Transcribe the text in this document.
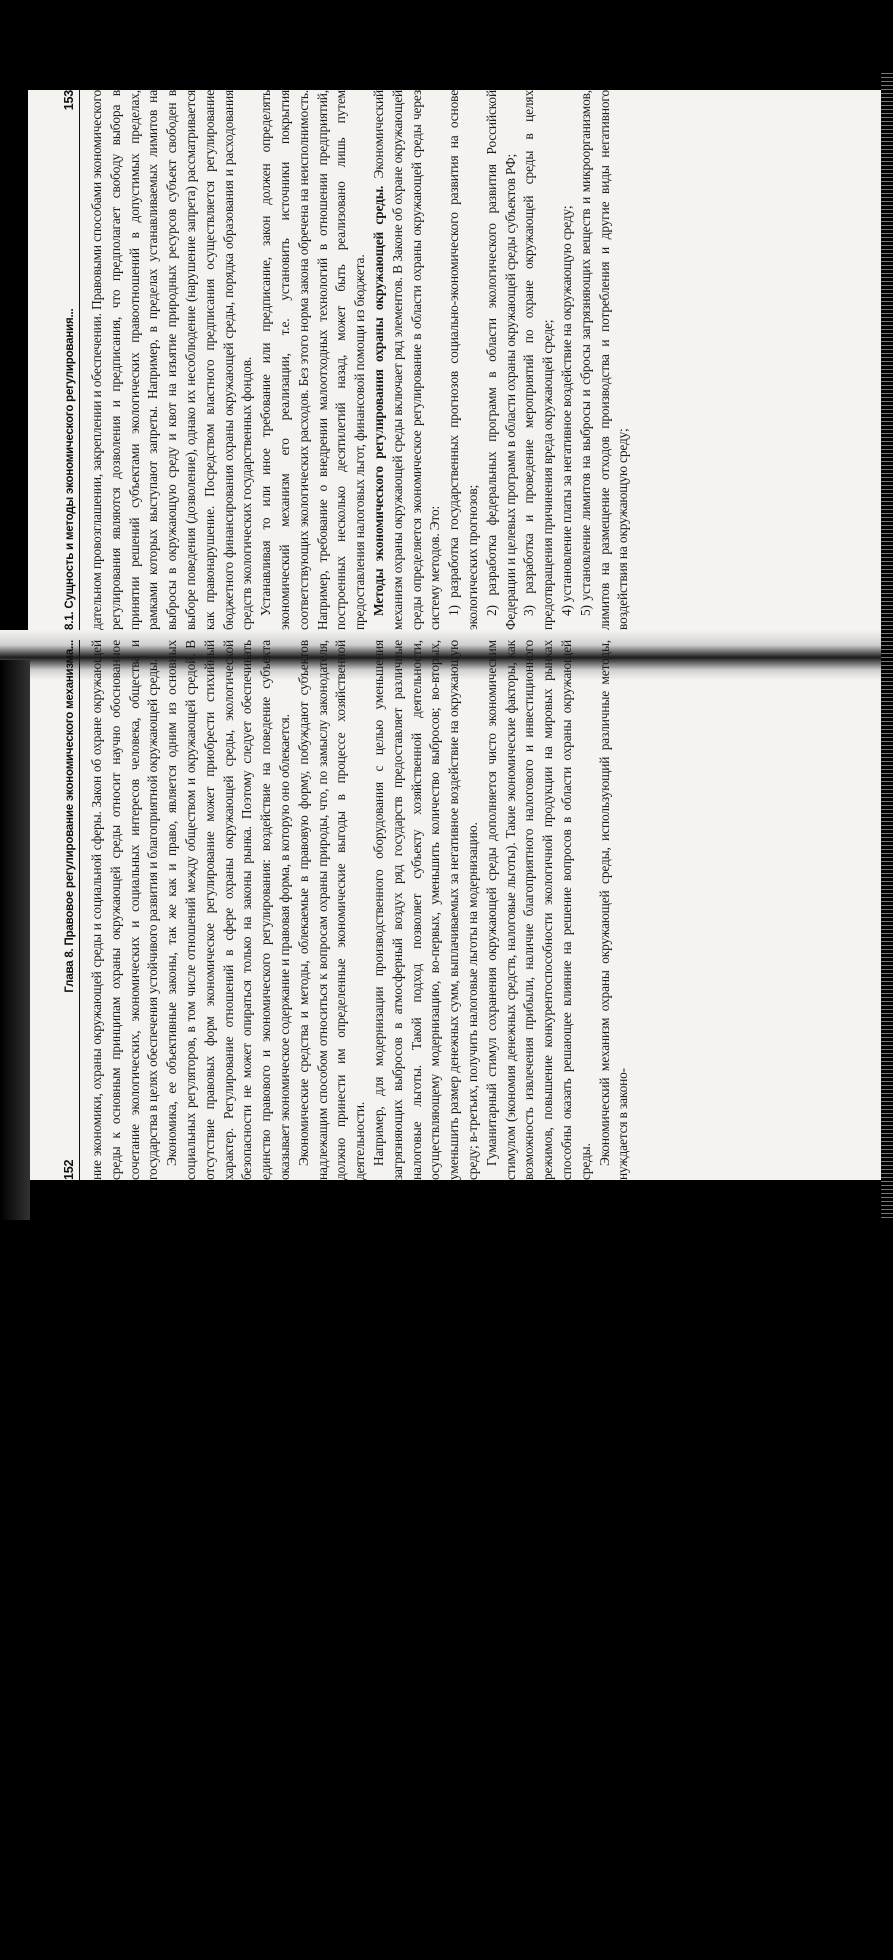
152
Глава 8. Правовое регулирование экономического механизма... ние экономики, охраны окружающей среды и социальной сферы. Закон об охране окружающей среды к основным принципам охраны окружающей среды относит научно обоснованное сочетание экологических, экономических и социальных интересов человека, общества и государства в целях обеспечения устойчивого развития и благоприятной окружающей среды. Экономика, ее объективные законы, так же как и право, является одним из основных социальных регуляторов, в том числе отношений между обществом и окружающей средой. В отсутствие правовых форм экономическое регулирование может приобрести стихийный характер. Регулирование отношений в сфере охраны окружающей среды, экологической безопасности не может опираться только на законы рынка. Поэтому следует обеспечивать единство правового и экономического регулирования: воздействие на поведение субъекта оказывает экономическое содержание и правовая форма, в которую оно облекается. Экономические средства и методы, облекаемые в правовую форму, побуждают субъектов надлежащим способом относиться к вопросам охраны природы, что, по замыслу законодателя, должно принести им определенные экономические выгоды в процессе хозяйственной деятельности. Например, для модернизации производственного оборудования с целью уменьшения загрязняющих выбросов в атмосферный воздух ряд государств предоставляет различные налоговые льготы. Такой подход позволяет субъекту хозяйственной деятельности, осуществляющему модернизацию, во-первых, уменьшить количество выбросов; во-вторых, уменьшить размер денежных сумм, выплачиваемых за негативное воздействие на окружающую среду; в-третьих, получить налоговые льготы на модернизацию. Гуманитарный стимул сохранения окружающей среды дополняется чисто экономическим стимулом (экономия денежных средств, налоговые льготы). Такие экономические факторы, как возможность извлечения прибыли, наличие благоприятного налогового и инвестиционного режимов, повышение конкурентоспособности экологичной продукции на мировых рынках способны оказать решающее влияние на решение вопросов в области охраны окружающей среды. Экономический механизм охраны окружающей среды, использующий различные методы, нуждается в законо-

8.1. Сущность и методы экономического регулирования...
153 дательном провозглашении, закреплении и обеспечении. Правовыми способами экономического регулирования являются дозволения и предписания, что предполагает свободу выбора в принятии решений субъектами экологических правоотношений в допустимых пределах, рамками которых выступают запреты. Например, в пределах устанавливаемых лимитов на выбросы в окружающую среду и квот на изъятие природных ресурсов субъект свободен в выборе поведения (дозволение), однако их несоблюдение (нарушение запрета) рассматривается как правонарушение. Посредством властного предписания осуществляется регулирование бюджетного финансирования охраны окружающей среды, порядка образования и расходования средств экологических государственных фондов. Устанавливая то или иное требование или предписание, закон должен определять экономический механизм его реализации, т.е. установить источники покрытия соответствующих экологических расходов. Без этого норма закона обречена на неисполнимость. Например, требование о внедрении малоотходных технологий в отношении предприятий, построенных несколько десятилетий назад, может быть реализовано лишь путем предоставления налоговых льгот, финансовой помощи из бюджета. Методы экономического регулирования охраны окружающей среды. Экономический механизм охраны окружающей среды включает ряд элементов. В Законе об охране окружающей среды определяется экономическое регулирование в области охраны окружающей среды через систему методов. Это: 1) разработка государственных прогнозов социально-экономического развития на основе экологических прогнозов; 2) разработка федеральных программ в области экологического развития Российской Федерации и целевых программ в области охраны окружающей среды субъектов РФ; 3) разработка и проведение мероприятий по охране окружающей среды в целях предотвращения причинения вреда окружающей среде; 4) установление платы за негативное воздействие на окружающую среду; 5) установление лимитов на выбросы и сбросы загрязняющих веществ и микроорганизмов, лимитов на размещение отходов производства и потребления и другие виды негативного воздействия на окружающую среду;
